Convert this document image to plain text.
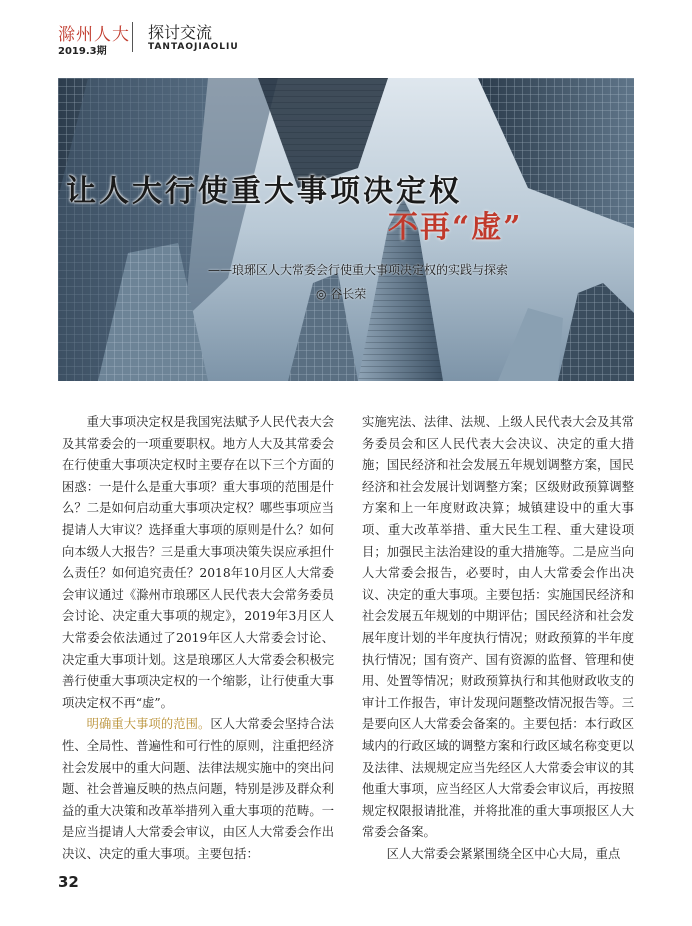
滁州人大
2019.3期
探讨交流
TANTAOJIAOLIU
让人大行使重大事项决定权
不再“虚”
——琅琊区人大常委会行使重大事项决定权的实践与探索
◎ 谷长荣

重大事项决定权是我国宪法赋予人民代表大会及其常委会的一项重要职权。地方人大及其常委会在行使重大事项决定权时主要存在以下三个方面的困惑：一是什么是重大事项？重大事项的范围是什么？二是如何启动重大事项决定权？哪些事项应当提请人大审议？选择重大事项的原则是什么？如何向本级人大报告？三是重大事项决策失误应承担什么责任？如何追究责任？2018年10月区人大常委会审议通过《滁州市琅琊区人民代表大会常务委员会讨论、决定重大事项的规定》，2019年3月区人大常委会依法通过了2019年区人大常委会讨论、决定重大事项计划。这是琅琊区人大常委会积极完善行使重大事项决定权的一个缩影，让行使重大事项决定权不再“虚”。

明确重大事项的范围。区人大常委会坚持合法性、全局性、普遍性和可行性的原则，注重把经济社会发展中的重大问题、法律法规实施中的突出问题、社会普遍反映的热点问题，特别是涉及群众利益的重大决策和改革举措列入重大事项的范畴。一是应当提请人大常委会审议，由区人大常委会作出决议、决定的重大事项。主要包括：

实施宪法、法律、法规、上级人民代表大会及其常务委员会和区人民代表大会决议、决定的重大措施；国民经济和社会发展五年规划调整方案，国民经济和社会发展计划调整方案；区级财政预算调整方案和上一年度财政决算；城镇建设中的重大事项、重大改革举措、重大民生工程、重大建设项目；加强民主法治建设的重大措施等。二是应当向人大常委会报告，必要时，由人大常委会作出决议、决定的重大事项。主要包括：实施国民经济和社会发展五年规划的中期评估；国民经济和社会发展年度计划的半年度执行情况；财政预算的半年度执行情况；国有资产、国有资源的监督、管理和使用、处置等情况；财政预算执行和其他财政收支的审计工作报告，审计发现问题整改情况报告等。三是要向区人大常委会备案的。主要包括：本行政区域内的行政区域的调整方案和行政区域名称变更以及法律、法规规定应当先经区人大常委会审议的其他重大事项，应当经区人大常委会审议后，再按照规定权限报请批准，并将批准的重大事项报区人大常委会备案。

区人大常委会紧紧围绕全区中心大局，重点

32
